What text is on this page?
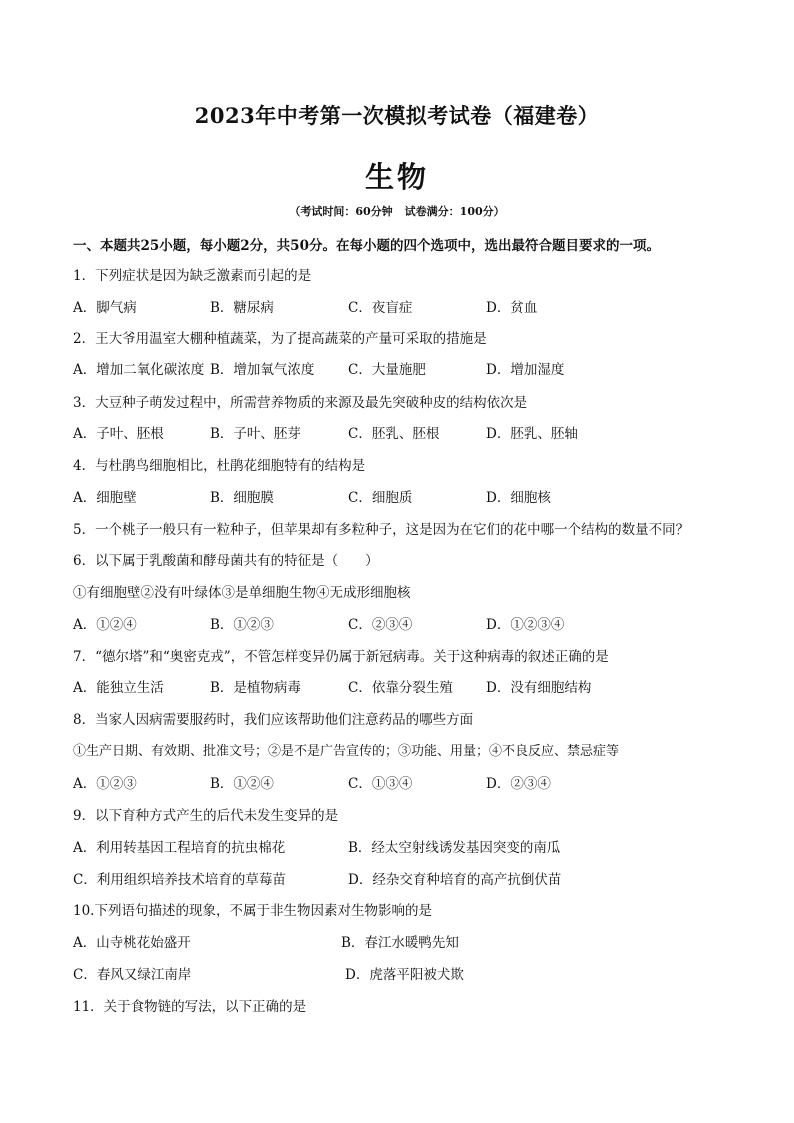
2023年中考第一次模拟考试卷（福建卷）
生物
（考试时间：60分钟 试卷满分：100分）
一、本题共25小题，每小题2分，共50分。在每小题的四个选项中，选出最符合题目要求的一项。
1．下列症状是因为缺乏激素而引起的是
A．脚气病	B．糖尿病	C．夜盲症	D．贫血
2．王大爷用温室大棚种植蔬菜，为了提高蔬菜的产量可采取的措施是
A．增加二氧化碳浓度 B．增加氧气浓度 C．大量施肥	D．增加湿度
3．大豆种子萌发过程中，所需营养物质的来源及最先突破种皮的结构依次是
A．子叶、胚根	B．子叶、胚芽	C．胚乳、胚根	D．胚乳、胚轴
4．与杜鹃鸟细胞相比，杜鹃花细胞特有的结构是
A．细胞壁	B．细胞膜	C．细胞质	D．细胞核
5．一个桃子一般只有一粒种子，但苹果却有多粒种子，这是因为在它们的花中哪一个结构的数量不同？
6．以下属于乳酸菌和酵母菌共有的特征是（　　）
①有细胞壁②没有叶绿体③是单细胞生物④无成形细胞核
A．①②④	B．①②③	C．②③④	D．①②③④
7．“德尔塔”和“奥密克戎”，不管怎样变异仍属于新冠病毒。关于这种病毒的叙述正确的是
A．能独立生活	B．是植物病毒	C．依靠分裂生殖 D．没有细胞结构
8．当家人因病需要服药时，我们应该帮助他们注意药品的哪些方面
①生产日期、有效期、批准文号；②是不是广告宣传的；③功能、用量；④不良反应、禁忌症等
A．①②③	B．①②④	C．①③④	D．②③④
9．以下育种方式产生的后代未发生变异的是
A．利用转基因工程培育的抗虫棉花	B．经太空射线诱发基因突变的南瓜
C．利用组织培养技术培育的草莓苗	D．经杂交育种培育的高产抗倒伏苗
10.下列语句描述的现象，不属于非生物因素对生物影响的是
A．山寺桃花始盛开	B．春江水暖鸭先知
C．春风又绿江南岸	D．虎落平阳被犬欺
11．关于食物链的写法，以下正确的是
